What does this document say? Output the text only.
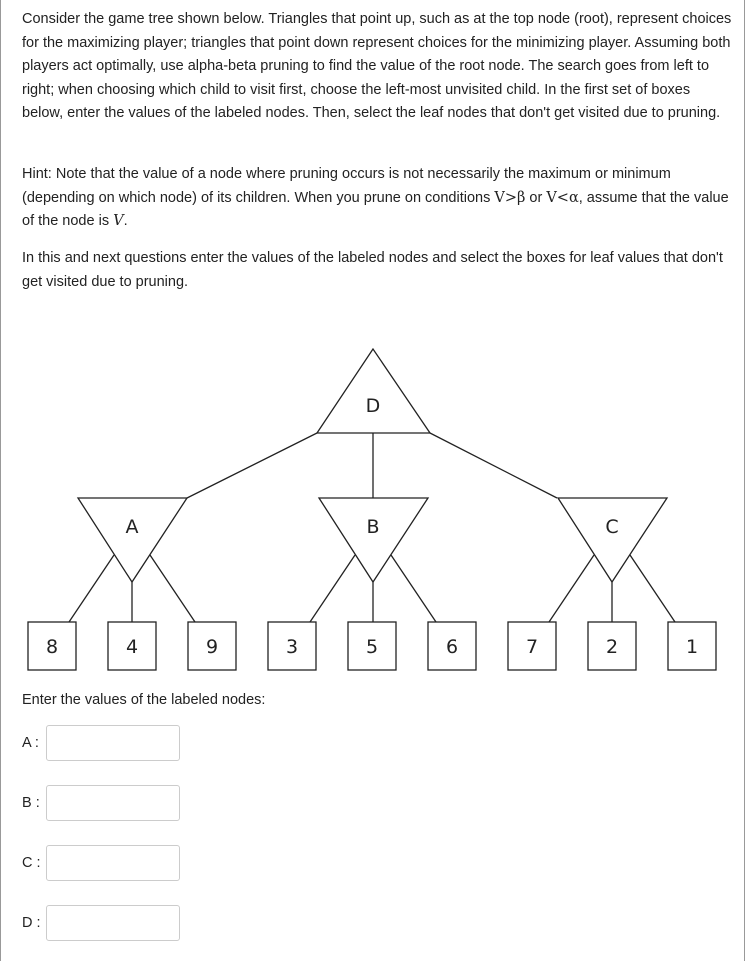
Consider the game tree shown below. Triangles that point up, such as at the top node (root), represent choices for the maximizing player; triangles that point down represent choices for the minimizing player. Assuming both players act optimally, use alpha-beta pruning to find the value of the root node. The search goes from left to right; when choosing which child to visit first, choose the left-most unvisited child. In the first set of boxes below, enter the values of the labeled nodes. Then, select the leaf nodes that don't get visited due to pruning.

Hint: Note that the value of a node where pruning occurs is not necessarily the maximum or minimum (depending on which node) of its children. When you prune on conditions V>β or V<α, assume that the value of the node is V.

In this and next questions enter the values of the labeled nodes and select the boxes for leaf values that don't get visited due to pruning.

D
A	B	C
8	4	9	3	5	6	7	2	1

Enter the values of the labeled nodes:

A :
B :
C :
D :
